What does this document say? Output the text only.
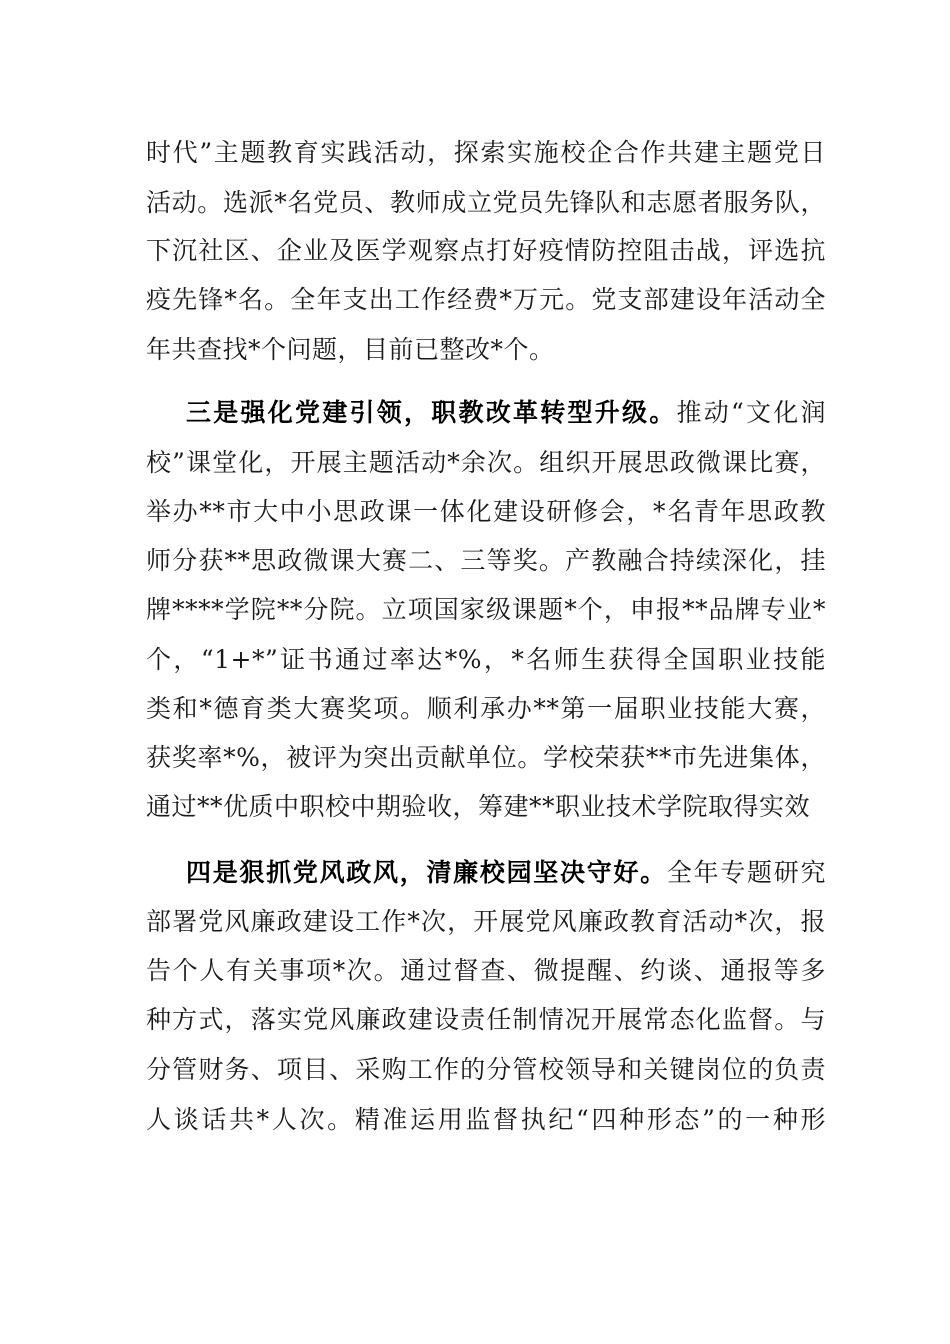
时代”主题教育实践活动，探索实施校企合作共建主题党日
活动。选派*名党员、教师成立党员先锋队和志愿者服务队，
下沉社区、企业及医学观察点打好疫情防控阻击战，评选抗
疫先锋*名。全年支出工作经费*万元。党支部建设年活动全
年共查找*个问题，目前已整改*个。
三是强化党建引领，职教改革转型升级。推动“文化润
校”课堂化，开展主题活动*余次。组织开展思政微课比赛，
举办**市大中小思政课一体化建设研修会，*名青年思政教
师分获**思政微课大赛二、三等奖。产教融合持续深化，挂
牌****学院**分院。立项国家级课题*个，申报**品牌专业*
个，“1+*”证书通过率达*%，*名师生获得全国职业技能
类和*德育类大赛奖项。顺利承办**第一届职业技能大赛，
获奖率*%，被评为突出贡献单位。学校荣获**市先进集体，
通过**优质中职校中期验收，筹建**职业技术学院取得实效
四是狠抓党风政风，清廉校园坚决守好。全年专题研究
部署党风廉政建设工作*次，开展党风廉政教育活动*次，报
告个人有关事项*次。通过督查、微提醒、约谈、通报等多
种方式，落实党风廉政建设责任制情况开展常态化监督。与
分管财务、项目、采购工作的分管校领导和关键岗位的负责
人谈话共*人次。精准运用监督执纪“四种形态”的一种形
